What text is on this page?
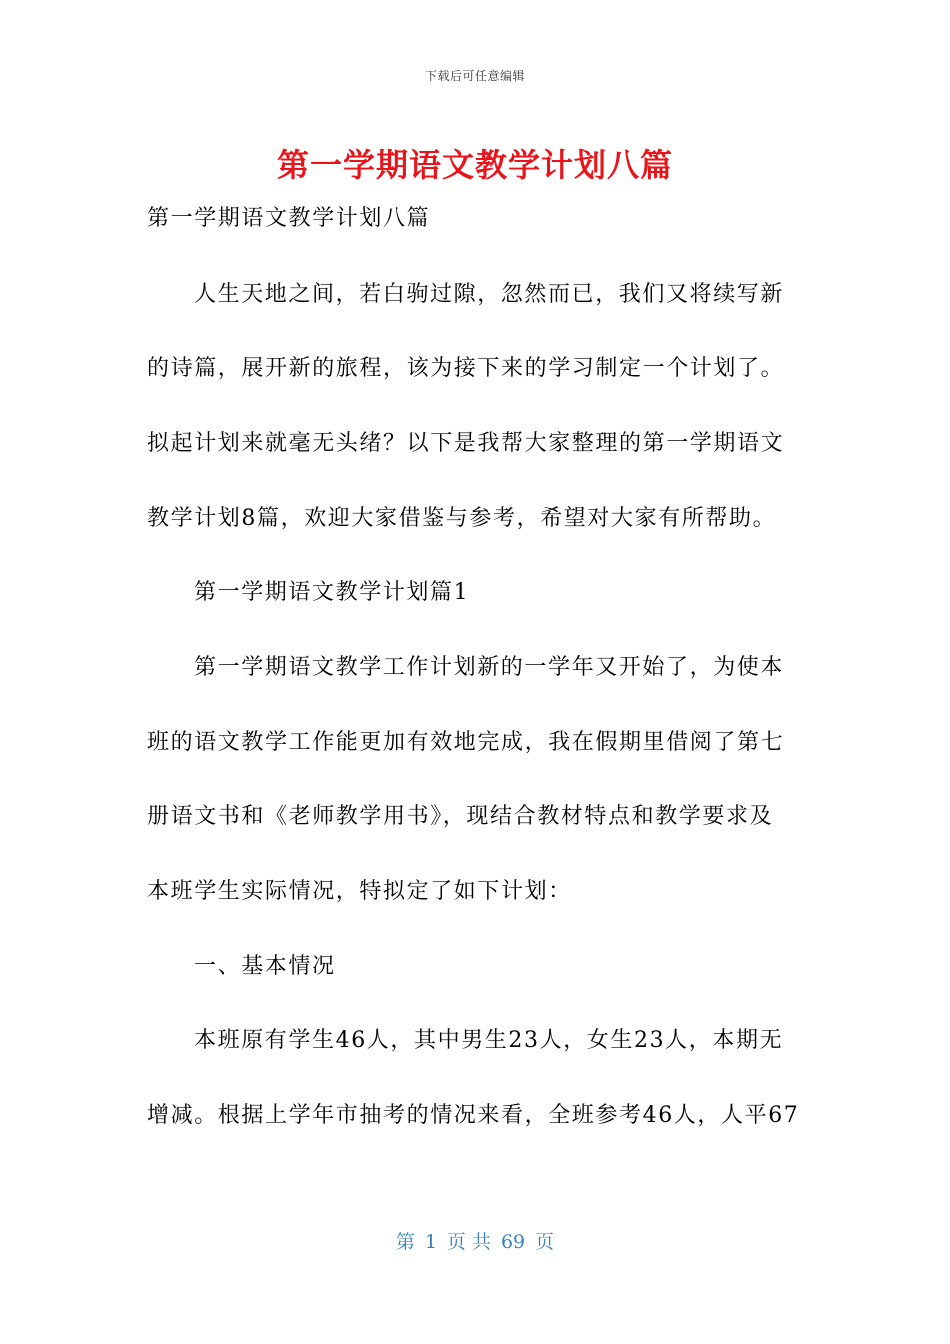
下载后可任意编辑
第一学期语文教学计划八篇
第一学期语文教学计划八篇
人生天地之间，若白驹过隙，忽然而已，我们又将续写新
的诗篇，展开新的旅程，该为接下来的学习制定一个计划了。
拟起计划来就毫无头绪？以下是我帮大家整理的第一学期语文
教学计划8篇，欢迎大家借鉴与参考，希望对大家有所帮助。
第一学期语文教学计划篇1
第一学期语文教学工作计划新的一学年又开始了，为使本
班的语文教学工作能更加有效地完成，我在假期里借阅了第七
册语文书和《老师教学用书》，现结合教材特点和教学要求及
本班学生实际情况，特拟定了如下计划：
一、基本情况
本班原有学生46人，其中男生23人，女生23人，本期无
增减。根据上学年市抽考的情况来看，全班参考46人，人平67
第 1 页 共 69 页
